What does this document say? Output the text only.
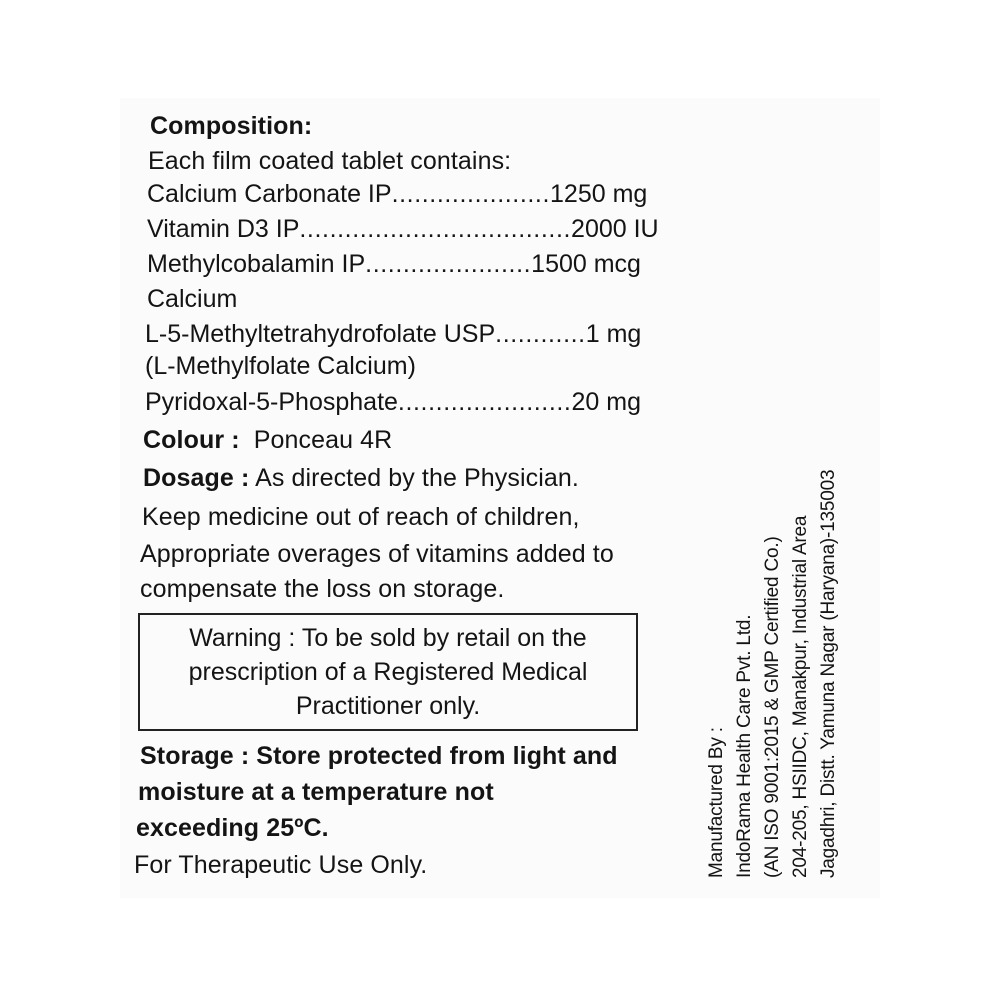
Composition:
Each film coated tablet contains:
Calcium Carbonate IP.....................1250 mg
Vitamin D3 IP....................................2000 IU
Methylcobalamin IP......................1500 mcg
Calcium
L-5-Methyltetrahydrofolate USP............1 mg
(L-Methylfolate Calcium)
Pyridoxal-5-Phosphate.......................20 mg
Colour : Ponceau 4R
Dosage : As directed by the Physician.
Keep medicine out of reach of children,
Appropriate overages of vitamins added to
compensate the loss on storage.
Warning : To be sold by retail on the
prescription of a Registered Medical
Practitioner only.
Storage : Store protected from light and
moisture at a temperature not
exceeding 25ºC.
For Therapeutic Use Only.	Manufactured By : IndoRama Health Care Pvt. Ltd. (AN ISO 9001:2015 & GMP Certified Co.) 204-205, HSIIDC, Manakpur, Industrial Area Jagadhri, Distt. Yamuna Nagar (Haryana)-135003
